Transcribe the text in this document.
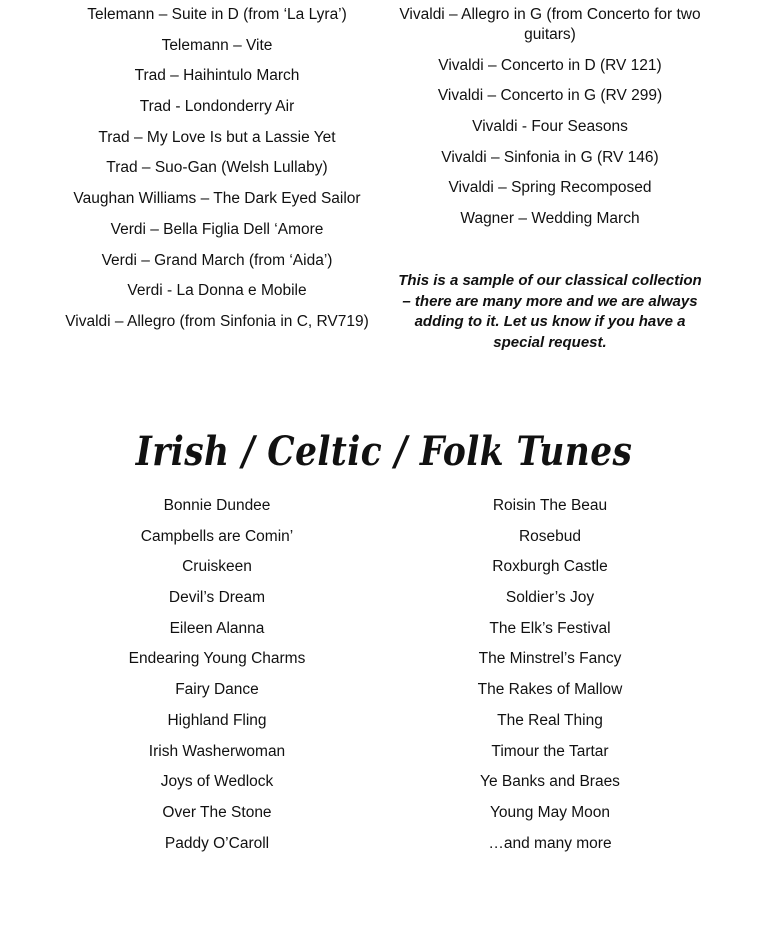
Telemann – Suite in D (from ‘La Lyra’)
Telemann – Vite
Trad – Haihintulo March
Trad - Londonderry Air
Trad – My Love Is but a Lassie Yet
Trad – Suo-Gan (Welsh Lullaby)
Vaughan Williams – The Dark Eyed Sailor
Verdi – Bella Figlia Dell ‘Amore
Verdi – Grand March (from ‘Aida’)
Verdi - La Donna e Mobile
Vivaldi – Allegro (from Sinfonia in C, RV719)
Vivaldi – Allegro in G (from Concerto for two guitars)
Vivaldi – Concerto in D (RV 121)
Vivaldi – Concerto in G (RV 299)
Vivaldi - Four Seasons
Vivaldi – Sinfonia in G (RV 146)
Vivaldi – Spring Recomposed
Wagner – Wedding March
This is a sample of our classical collection – there are many more and we are always adding to it. Let us know if you have a special request.
Irish / Celtic / Folk Tunes
Bonnie Dundee
Campbells are Comin’
Cruiskeen
Devil’s Dream
Eileen Alanna
Endearing Young Charms
Fairy Dance
Highland Fling
Irish Washerwoman
Joys of Wedlock
Over The Stone
Paddy O’Caroll
Roisin The Beau
Rosebud
Roxburgh Castle
Soldier’s Joy
The Elk’s Festival
The Minstrel’s Fancy
The Rakes of Mallow
The Real Thing
Timour the Tartar
Ye Banks and Braes
Young May Moon
…and many more
